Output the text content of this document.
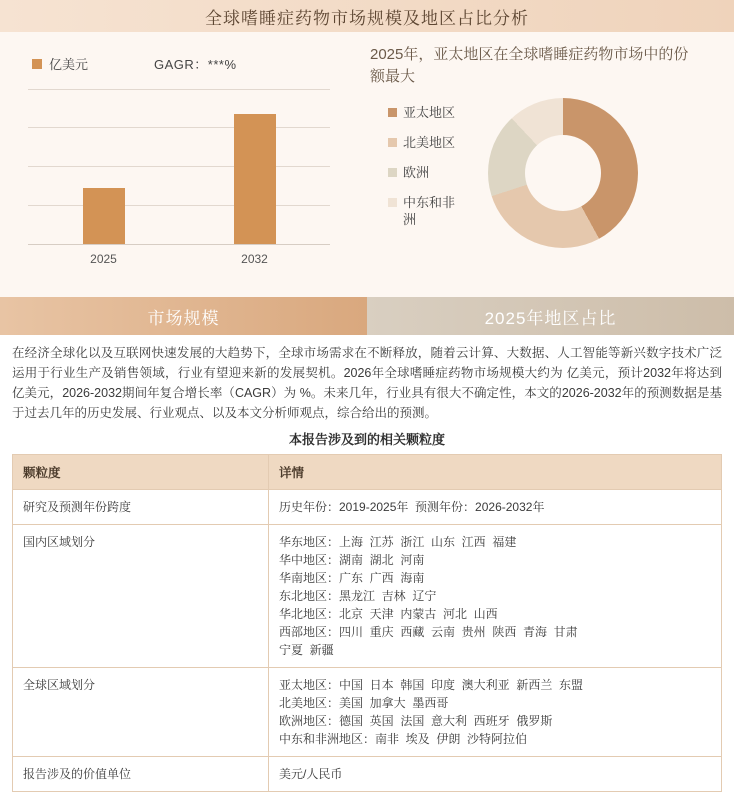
全球嗜睡症药物市场规模及地区占比分析
亿美元	GAGR：***%
2025	2032
2025年，亚太地区在全球嗜睡症药物市场中的份额最大
亚太地区
北美地区
欧洲
中东和非洲
市场规模	2025年地区占比
在经济全球化以及互联网快速发展的大趋势下，全球市场需求在不断释放，随着云计算、大数据、人工智能等新兴数字技术广泛运用于行业生产及销售领域，行业有望迎来新的发展契机。2026年全球嗜睡症药物市场规模大约为 亿美元，预计2032年将达到 亿美元，2026-2032期间年复合增长率（CAGR）为 %。未来几年，行业具有很大不确定性，本文的2026-2032年的预测数据是基于过去几年的历史发展、行业观点、以及本文分析师观点，综合给出的预测。
本报告涉及到的相关颗粒度
颗粒度	详情
研究及预测年份跨度	历史年份：2019-2025年  预测年份：2026-2032年

国内区域划分	华东地区：上海  江苏  浙江  山东  江西  福建
华中地区：湖南  湖北  河南
华南地区：广东  广西  海南
东北地区：黑龙江  吉林  辽宁
华北地区：北京  天津  内蒙古  河北  山西
西部地区：四川  重庆  西藏  云南  贵州  陕西  青海  甘肃
宁夏  新疆

全球区域划分	亚太地区：中国  日本  韩国  印度  澳大利亚  新西兰  东盟
北美地区：美国  加拿大  墨西哥
欧洲地区：德国  英国  法国  意大利  西班牙  俄罗斯
中东和非洲地区：南非  埃及  伊朗  沙特阿拉伯

报告涉及的价值单位	美元/人民币
